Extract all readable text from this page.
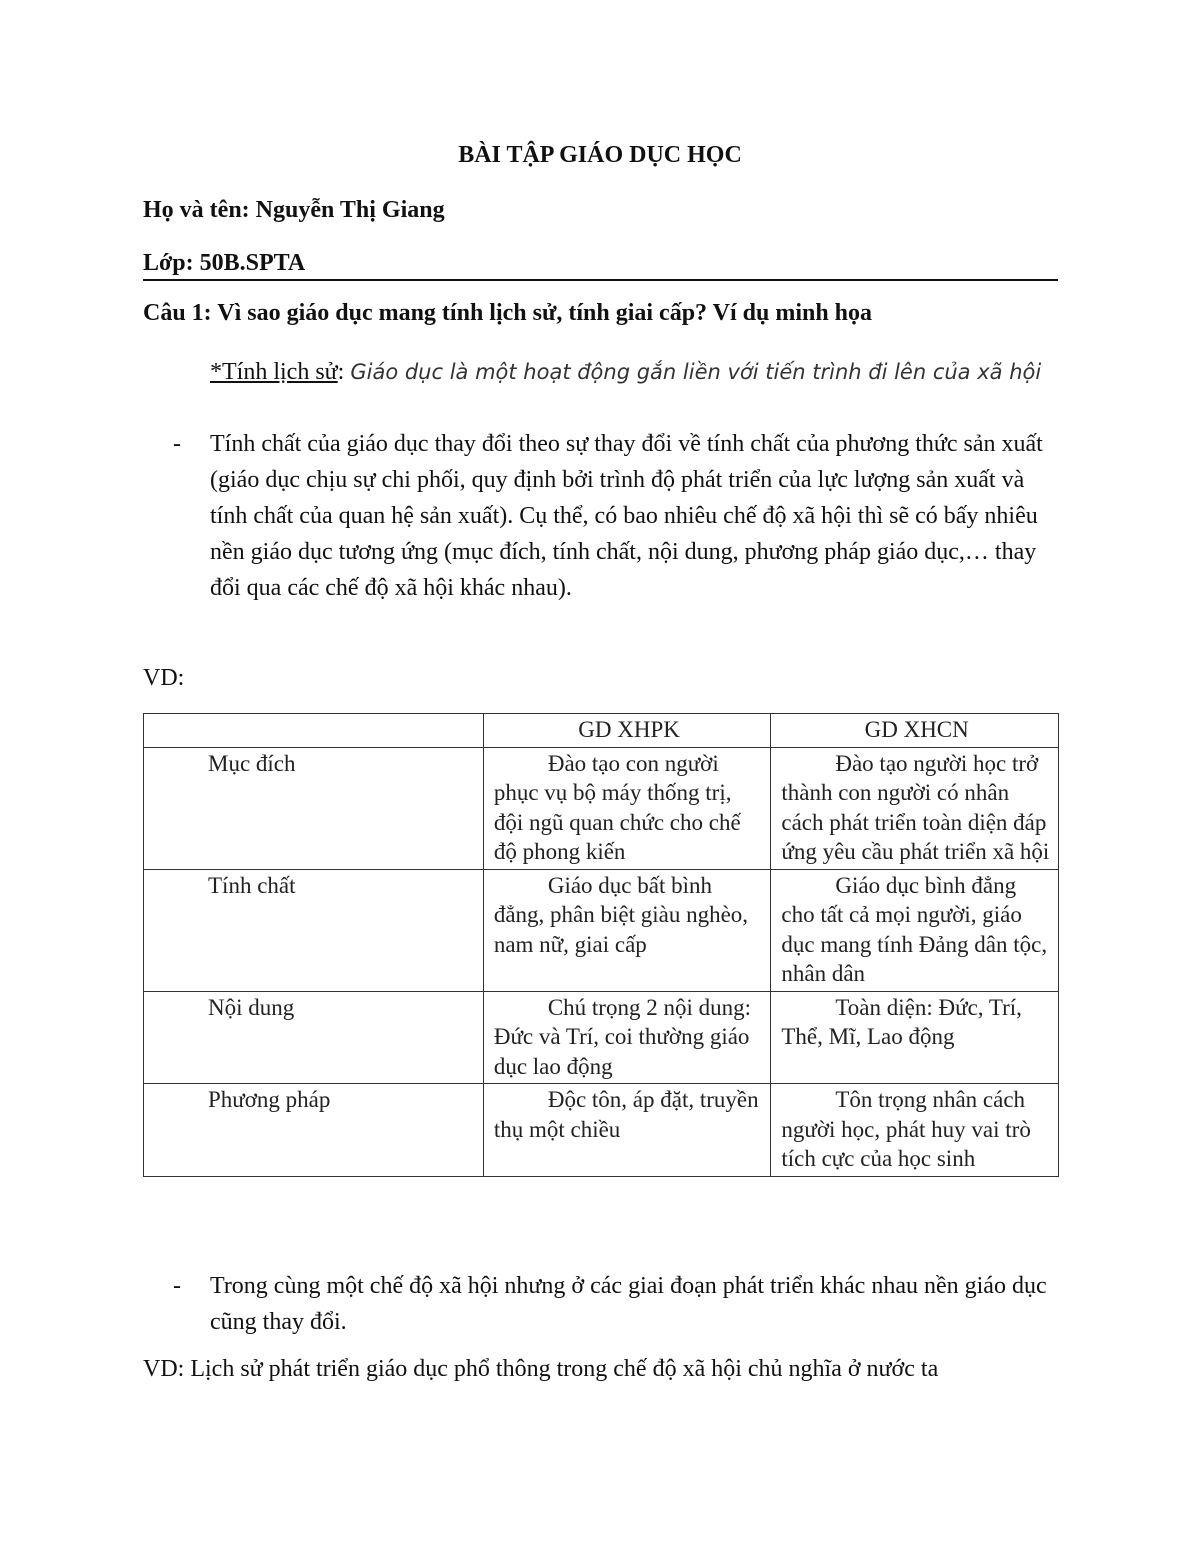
BÀI TẬP GIÁO DỤC HỌC
Họ và tên: Nguyễn Thị Giang
Lớp: 50B.SPTA
Câu 1: Vì sao giáo dục mang tính lịch sử, tính giai cấp? Ví dụ minh họa
*Tính lịch sử: Giáo dục là một hoạt động gắn liền với tiến trình đi lên của xã hội
- Tính chất của giáo dục thay đổi theo sự thay đổi về tính chất của phương thức sản xuất (giáo dục chịu sự chi phối, quy định bởi trình độ phát triển của lực lượng sản xuất và tính chất của quan hệ sản xuất). Cụ thể, có bao nhiêu chế độ xã hội thì sẽ có bấy nhiêu nền giáo dục tương ứng (mục đích, tính chất, nội dung, phương pháp giáo dục,… thay đổi qua các chế độ xã hội khác nhau).
VD:
	GD XHPK	GD XHCN
Mục đích	Đào tạo con người phục vụ bộ máy thống trị, đội ngũ quan chức cho chế độ phong kiến	Đào tạo người học trở thành con người có nhân cách phát triển toàn diện đáp ứng yêu cầu phát triển xã hội

Tính chất	Giáo dục bất bình đẳng, phân biệt giàu nghèo, nam nữ, giai cấp	Giáo dục bình đẳng cho tất cả mọi người, giáo dục mang tính Đảng dân tộc, nhân dân

Nội dung	Chú trọng 2 nội dung: Đức và Trí, coi thường giáo dục lao động	Toàn diện: Đức, Trí, Thể, Mĩ, Lao động

Phương pháp	Độc tôn, áp đặt, truyền thụ một chiều	Tôn trọng nhân cách người học, phát huy vai trò tích cực của học sinh
- Trong cùng một chế độ xã hội nhưng ở các giai đoạn phát triển khác nhau nền giáo dục cũng thay đổi.
VD: Lịch sử phát triển giáo dục phổ thông trong chế độ xã hội chủ nghĩa ở nước ta
